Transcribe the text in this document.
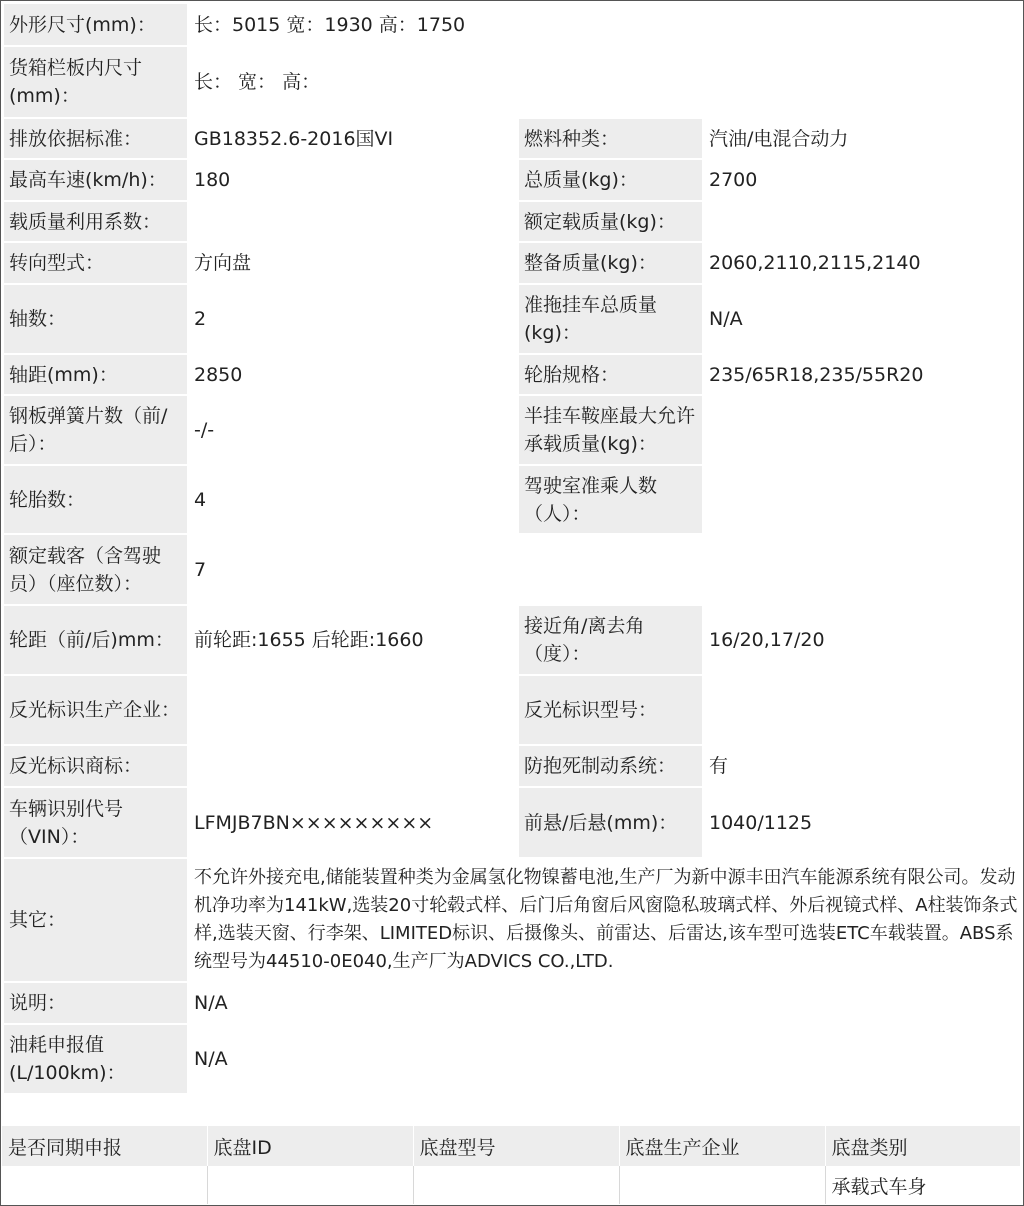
外形尺寸(mm)：	长：5015 宽：1930 高：1750		
货箱栏板内尺寸(mm)：	长： 宽： 高：		
排放依据标准：	GB18352.6-2016国VI	燃料种类：	汽油/电混合动力
最高车速(km/h)：	180	总质量(kg)：	2700
载质量利用系数：		额定载质量(kg)：	
转向型式：	方向盘	整备质量(kg)：	2060,2110,2115,2140
轴数：	2	准拖挂车总质量(kg)：	N/A
轴距(mm)：	2850	轮胎规格：	235/65R18,235/55R20
钢板弹簧片数（前/后）：	-/-	半挂车鞍座最大允许承载质量(kg)：	
轮胎数：	4	驾驶室准乘人数（人）：	
额定载客（含驾驶员）（座位数）：	7		
轮距（前/后)mm：	前轮距:1655 后轮距:1660	接近角/离去角（度）：	16/20,17/20
反光标识生产企业：		反光标识型号：	
反光标识商标：		防抱死制动系统：	有
车辆识别代号（VIN）：	LFMJB7BN×××××××××	前悬/后悬(mm)：	1040/1125
其它：	不允许外接充电,储能装置种类为金属氢化物镍蓄电池,生产厂为新中源丰田汽车能源系统有限公司。发动机净功率为141kW,选装20寸轮毂式样、后门后角窗后风窗隐私玻璃式样、外后视镜式样、A柱装饰条式样,选装天窗、行李架、LIMITED标识、后摄像头、前雷达、后雷达,该车型可选装ETC车载装置。ABS系统型号为44510-0E040,生产厂为ADVICS CO.,LTD.		
说明：	N/A		
油耗申报值(L/100km)：	N/A		
是否同期申报	底盘ID	底盘型号	底盘生产企业	底盘类别
				承载式车身
